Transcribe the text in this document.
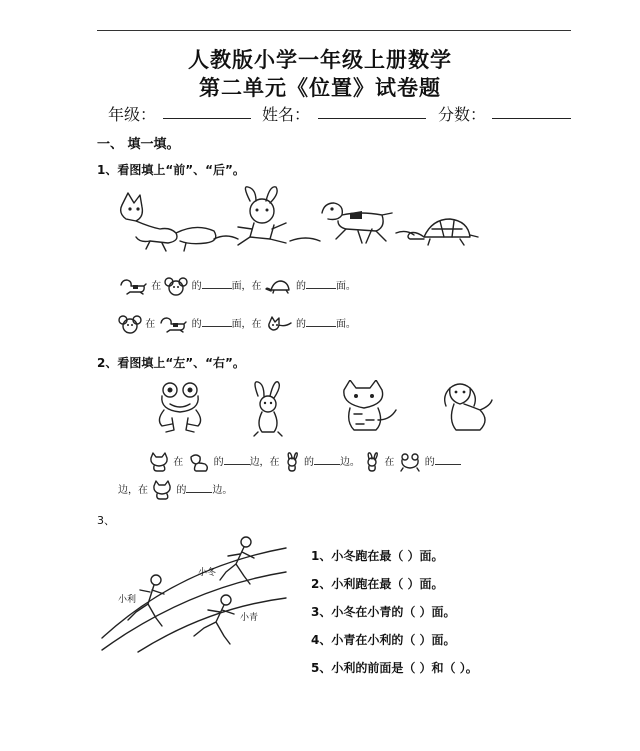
人教版小学一年级上册数学
第二单元《位置》试卷题
年级：	姓名：	分数：
一、 填一填。
1、看图填上“前”、“后”。
在	的	面，在	的	面。
在	的	面，在	的	面。
2、看图填上“左”、“右”。
在	的	边，在 的	边。 在	的
边，在	的	边。
3、
小冬
小利
小青
1、小冬跑在最（ ）面。
2、小利跑在最（ ）面。
3、小冬在小青的（ ）面。
4、小青在小利的（ ）面。
5、小利的前面是（ ）和（ ）。
